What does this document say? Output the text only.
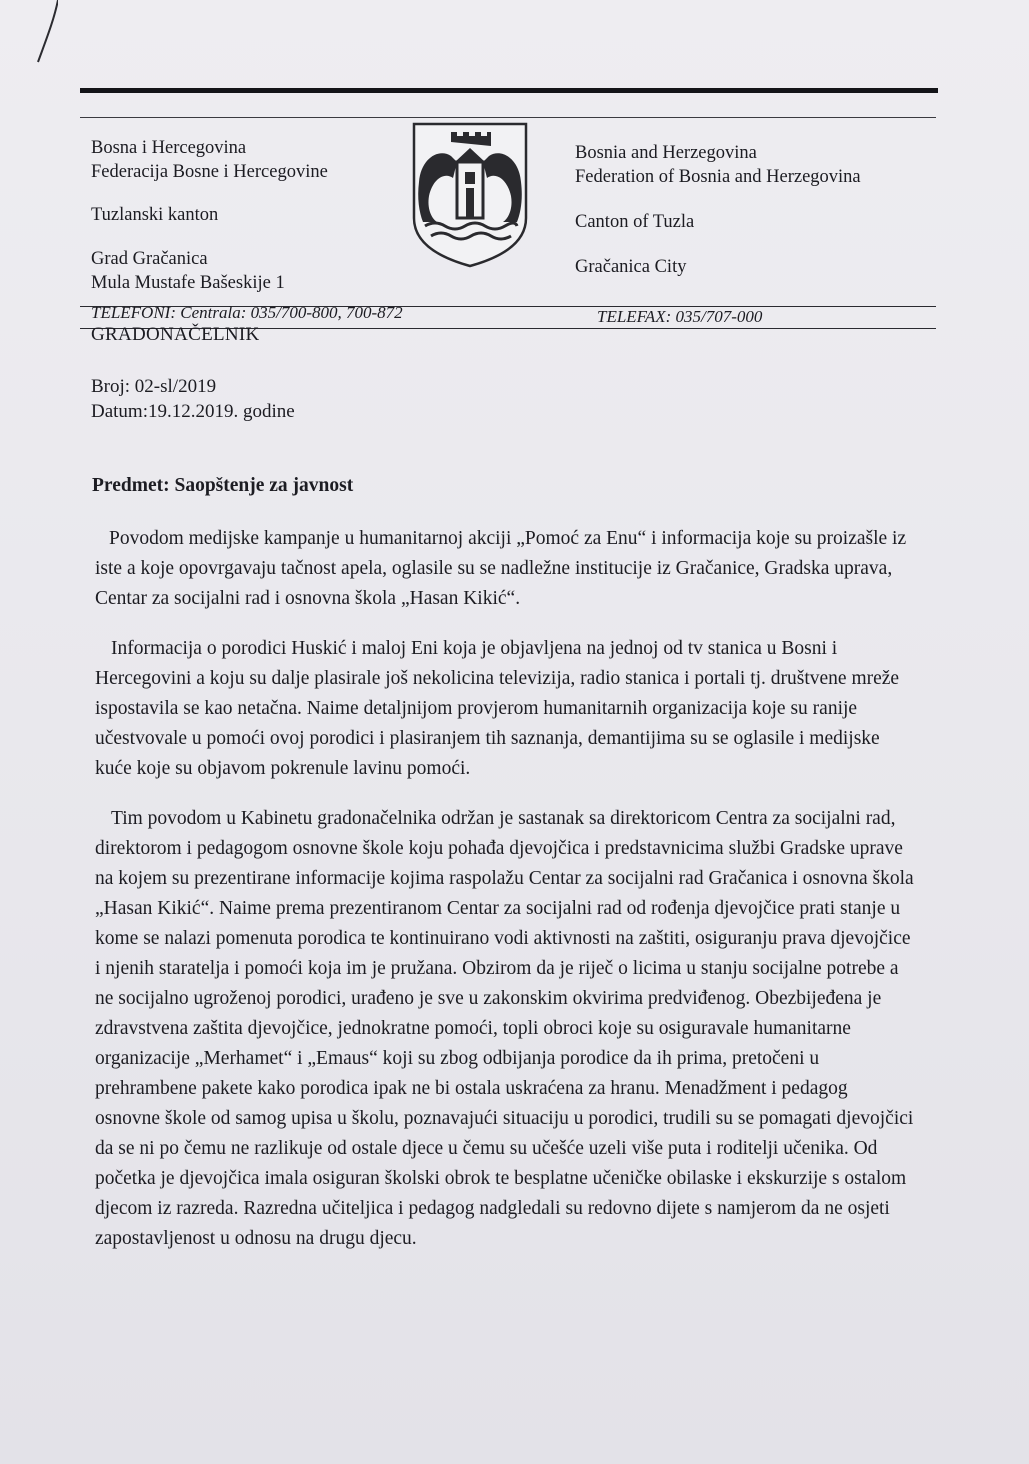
Bosna i Hercegovina
Federacija Bosne i Hercegovine
Tuzlanski kanton
Grad Gračanica
Mula Mustafe Bašeskije 1
Bosnia and Herzegovina
Federation of Bosnia and Herzegovina
Canton of Tuzla
Gračanica City
TELEFONI: Centrala: 035/700-800, 700-872	TELEFAX: 035/707-000
GRADONAČELNIK
Broj: 02-sl/2019
Datum:19.12.2019. godine
Predmet: Saopštenje za javnost

Povodom medijske kampanje u humanitarnoj akciji „Pomoć za Enu“ i informacija koje su proizašle iz iste a koje opovrgavaju tačnost apela, oglasile su se nadležne institucije iz Gračanice, Gradska uprava, Centar za socijalni rad i osnovna škola „Hasan Kikić“.

Informacija o porodici Huskić i maloj Eni koja je objavljena na jednoj od tv stanica u Bosni i Hercegovini a koju su dalje plasirale još nekolicina televizija, radio stanica i portali tj. društvene mreže ispostavila se kao netačna. Naime detaljnijom provjerom humanitarnih organizacija koje su ranije učestvovale u pomoći ovoj porodici i plasiranjem tih saznanja, demantijima su se oglasile i medijske kuće koje su objavom pokrenule lavinu pomoći.

Tim povodom u Kabinetu gradonačelnika održan je sastanak sa direktoricom Centra za socijalni rad, direktorom i pedagogom osnovne škole koju pohađa djevojčica i predstavnicima službi Gradske uprave na kojem su prezentirane informacije kojima raspolažu Centar za socijalni rad Gračanica i osnovna škola „Hasan Kikić“. Naime prema prezentiranom Centar za socijalni rad od rođenja djevojčice prati stanje u kome se nalazi pomenuta porodica te kontinuirano vodi aktivnosti na zaštiti, osiguranju prava djevojčice i njenih staratelja i pomoći koja im je pružana. Obzirom da je riječ o licima u stanju socijalne potrebe a ne socijalno ugroženoj porodici, urađeno je sve u zakonskim okvirima predviđenog. Obezbijeđena je zdravstvena zaštita djevojčice, jednokratne pomoći, topli obroci koje su osiguravale humanitarne organizacije „Merhamet“ i „Emaus“ koji su zbog odbijanja porodice da ih prima, pretočeni u prehrambene pakete kako porodica ipak ne bi ostala uskraćena za hranu. Menadžment i pedagog osnovne škole od samog upisa u školu, poznavajući situaciju u porodici, trudili su se pomagati djevojčici da se ni po čemu ne razlikuje od ostale djece u čemu su učešće uzeli više puta i roditelji učenika. Od početka je djevojčica imala osiguran školski obrok te besplatne učeničke obilaske i ekskurzije s ostalom djecom iz razreda. Razredna učiteljica i pedagog nadgledali su redovno dijete s namjerom da ne osjeti zapostavljenost u odnosu na drugu djecu.
